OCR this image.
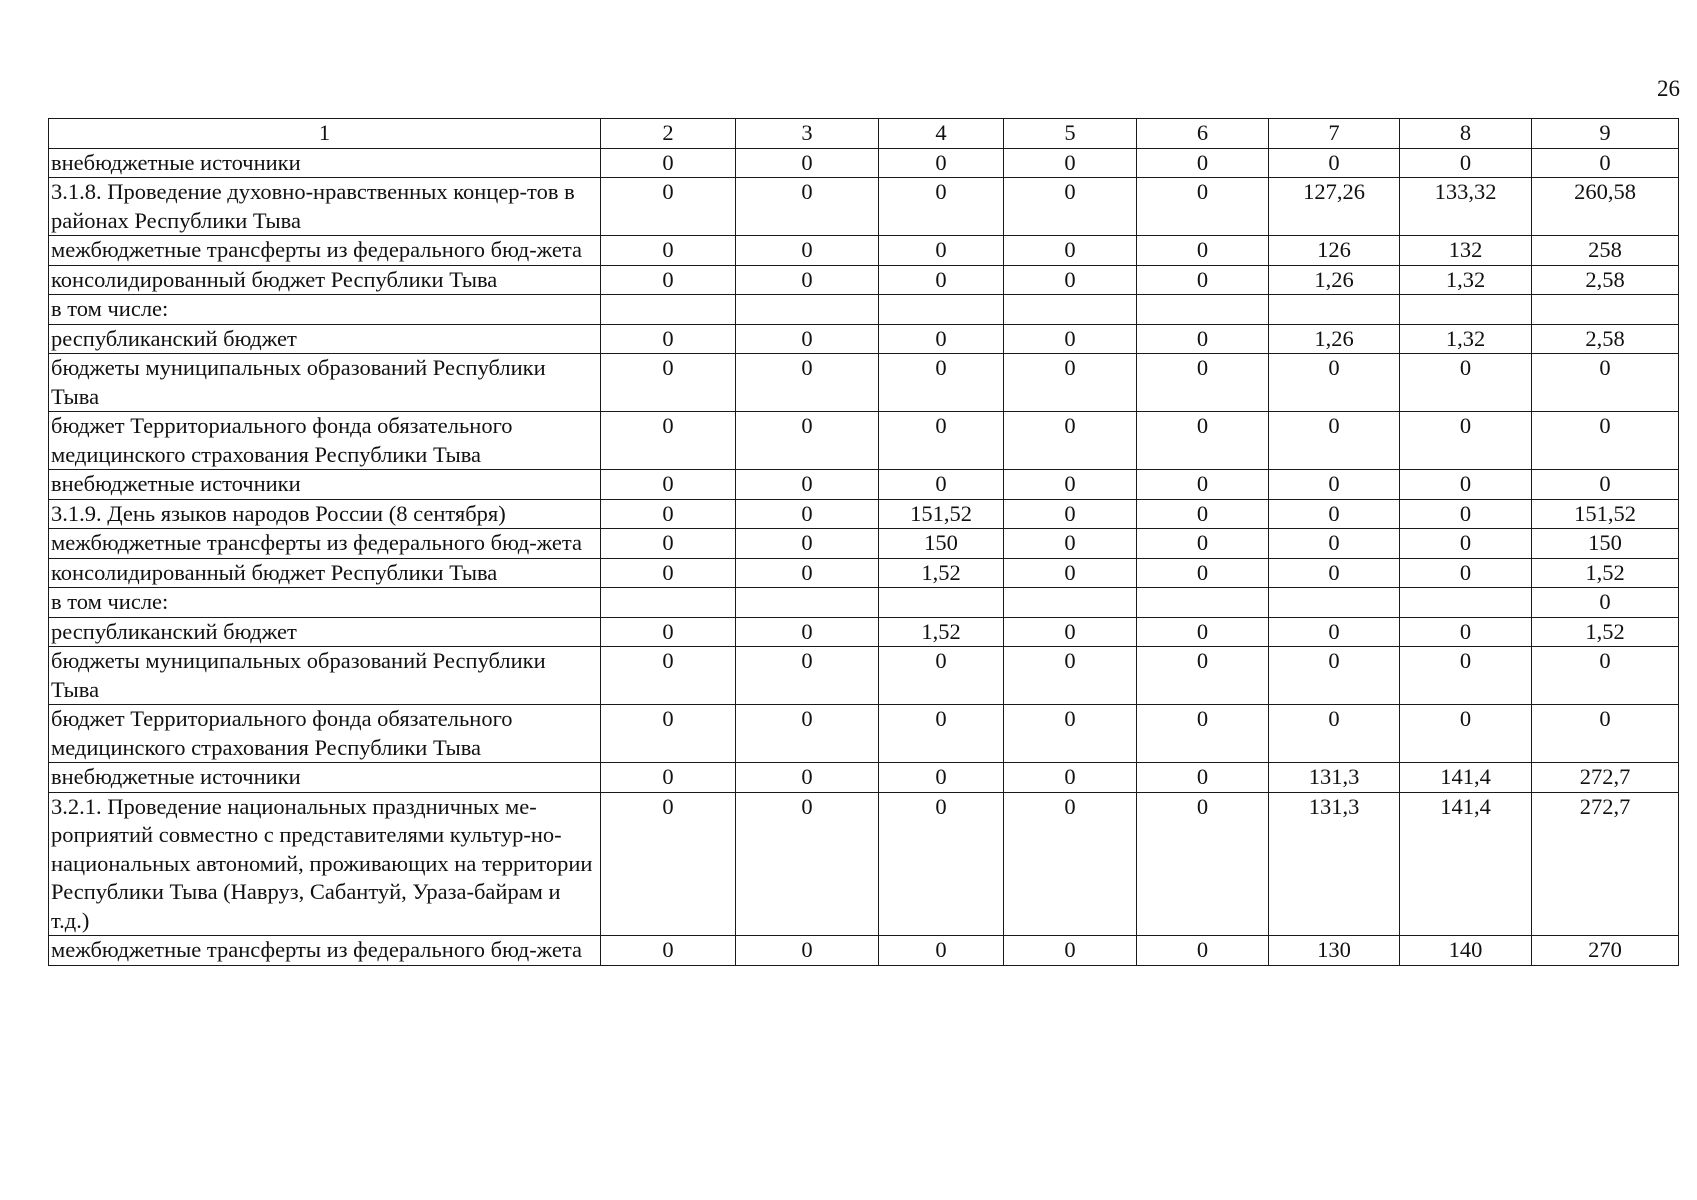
26
1	2	3	4	5	6	7	8	9
внебюджетные источники	0	0	0	0	0	0	0	0
3.1.8. Проведение духовно-нравственных концер-тов в районах Республики Тыва	0	0	0	0	0	127,26	133,32	260,58
межбюджетные трансферты из федерального бюд-жета	0	0	0	0	0	126	132	258
консолидированный бюджет Республики Тыва	0	0	0	0	0	1,26	1,32	2,58
в том числе:								
республиканский бюджет	0	0	0	0	0	1,26	1,32	2,58
бюджеты муниципальных образований Республики Тыва	0	0	0	0	0	0	0	0
бюджет Территориального фонда обязательного медицинского страхования Республики Тыва	0	0	0	0	0	0	0	0
внебюджетные источники	0	0	0	0	0	0	0	0
3.1.9. День языков народов России (8 сентября)	0	0	151,52	0	0	0	0	151,52
межбюджетные трансферты из федерального бюд-жета	0	0	150	0	0	0	0	150
консолидированный бюджет Республики Тыва	0	0	1,52	0	0	0	0	1,52
в том числе:								0
республиканский бюджет	0	0	1,52	0	0	0	0	1,52
бюджеты муниципальных образований Республики Тыва	0	0	0	0	0	0	0	0
бюджет Территориального фонда обязательного медицинского страхования Республики Тыва	0	0	0	0	0	0	0	0
внебюджетные источники	0	0	0	0	0	131,3	141,4	272,7
3.2.1. Проведение национальных праздничных ме-роприятий совместно с представителями культур-но-национальных автономий, проживающих на территории Республики Тыва (Навруз, Сабантуй, Ураза-байрам и т.д.)	0	0	0	0	0	131,3	141,4	272,7
межбюджетные трансферты из федерального бюд-жета	0	0	0	0	0	130	140	270
